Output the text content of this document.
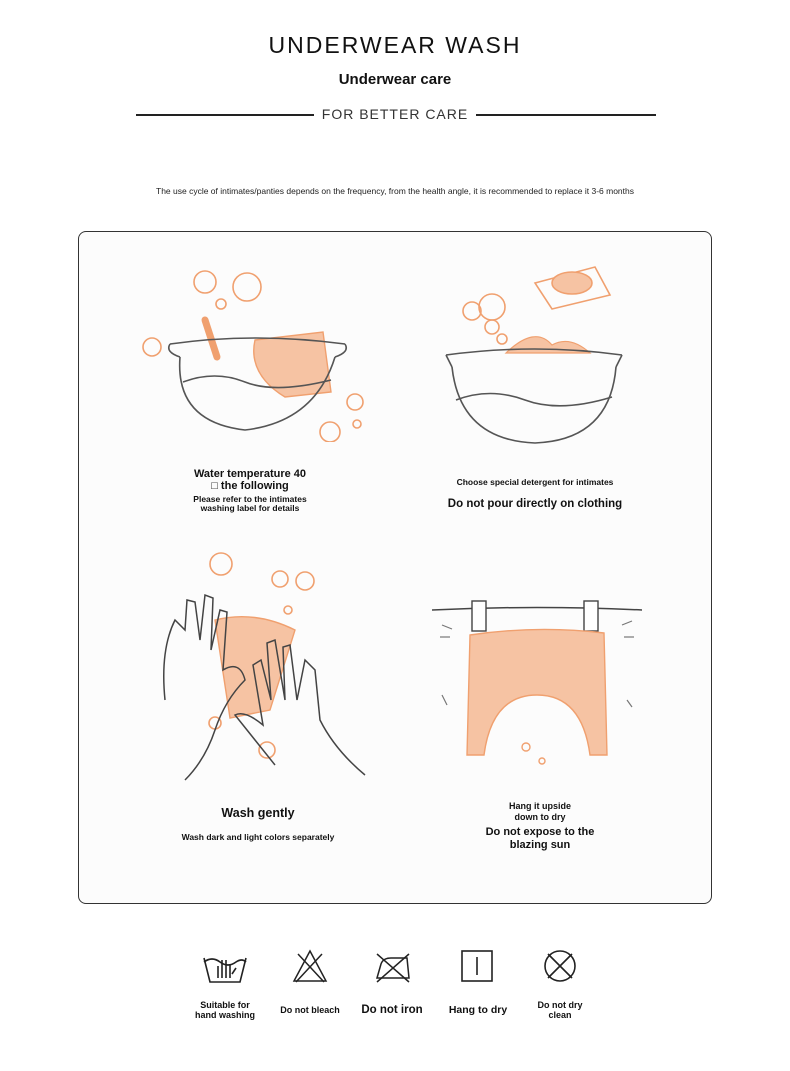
UNDERWEAR WASH
Underwear care
FOR BETTER CARE
The use cycle of intimates/panties depends on the frequency, from the health angle, it is recommended to replace it 3-6 months
Water temperature 40
□ the following
Please refer to the intimates
washing label for details
Choose special detergent for intimates
Do not pour directly on clothing
Wash gently
Wash dark and light colors separately
Hang it upside
down to dry
Do not expose to the
blazing sun
Suitable for
hand washing	Do not bleach	Do not iron	Hang to dry	Do not dry
clean
